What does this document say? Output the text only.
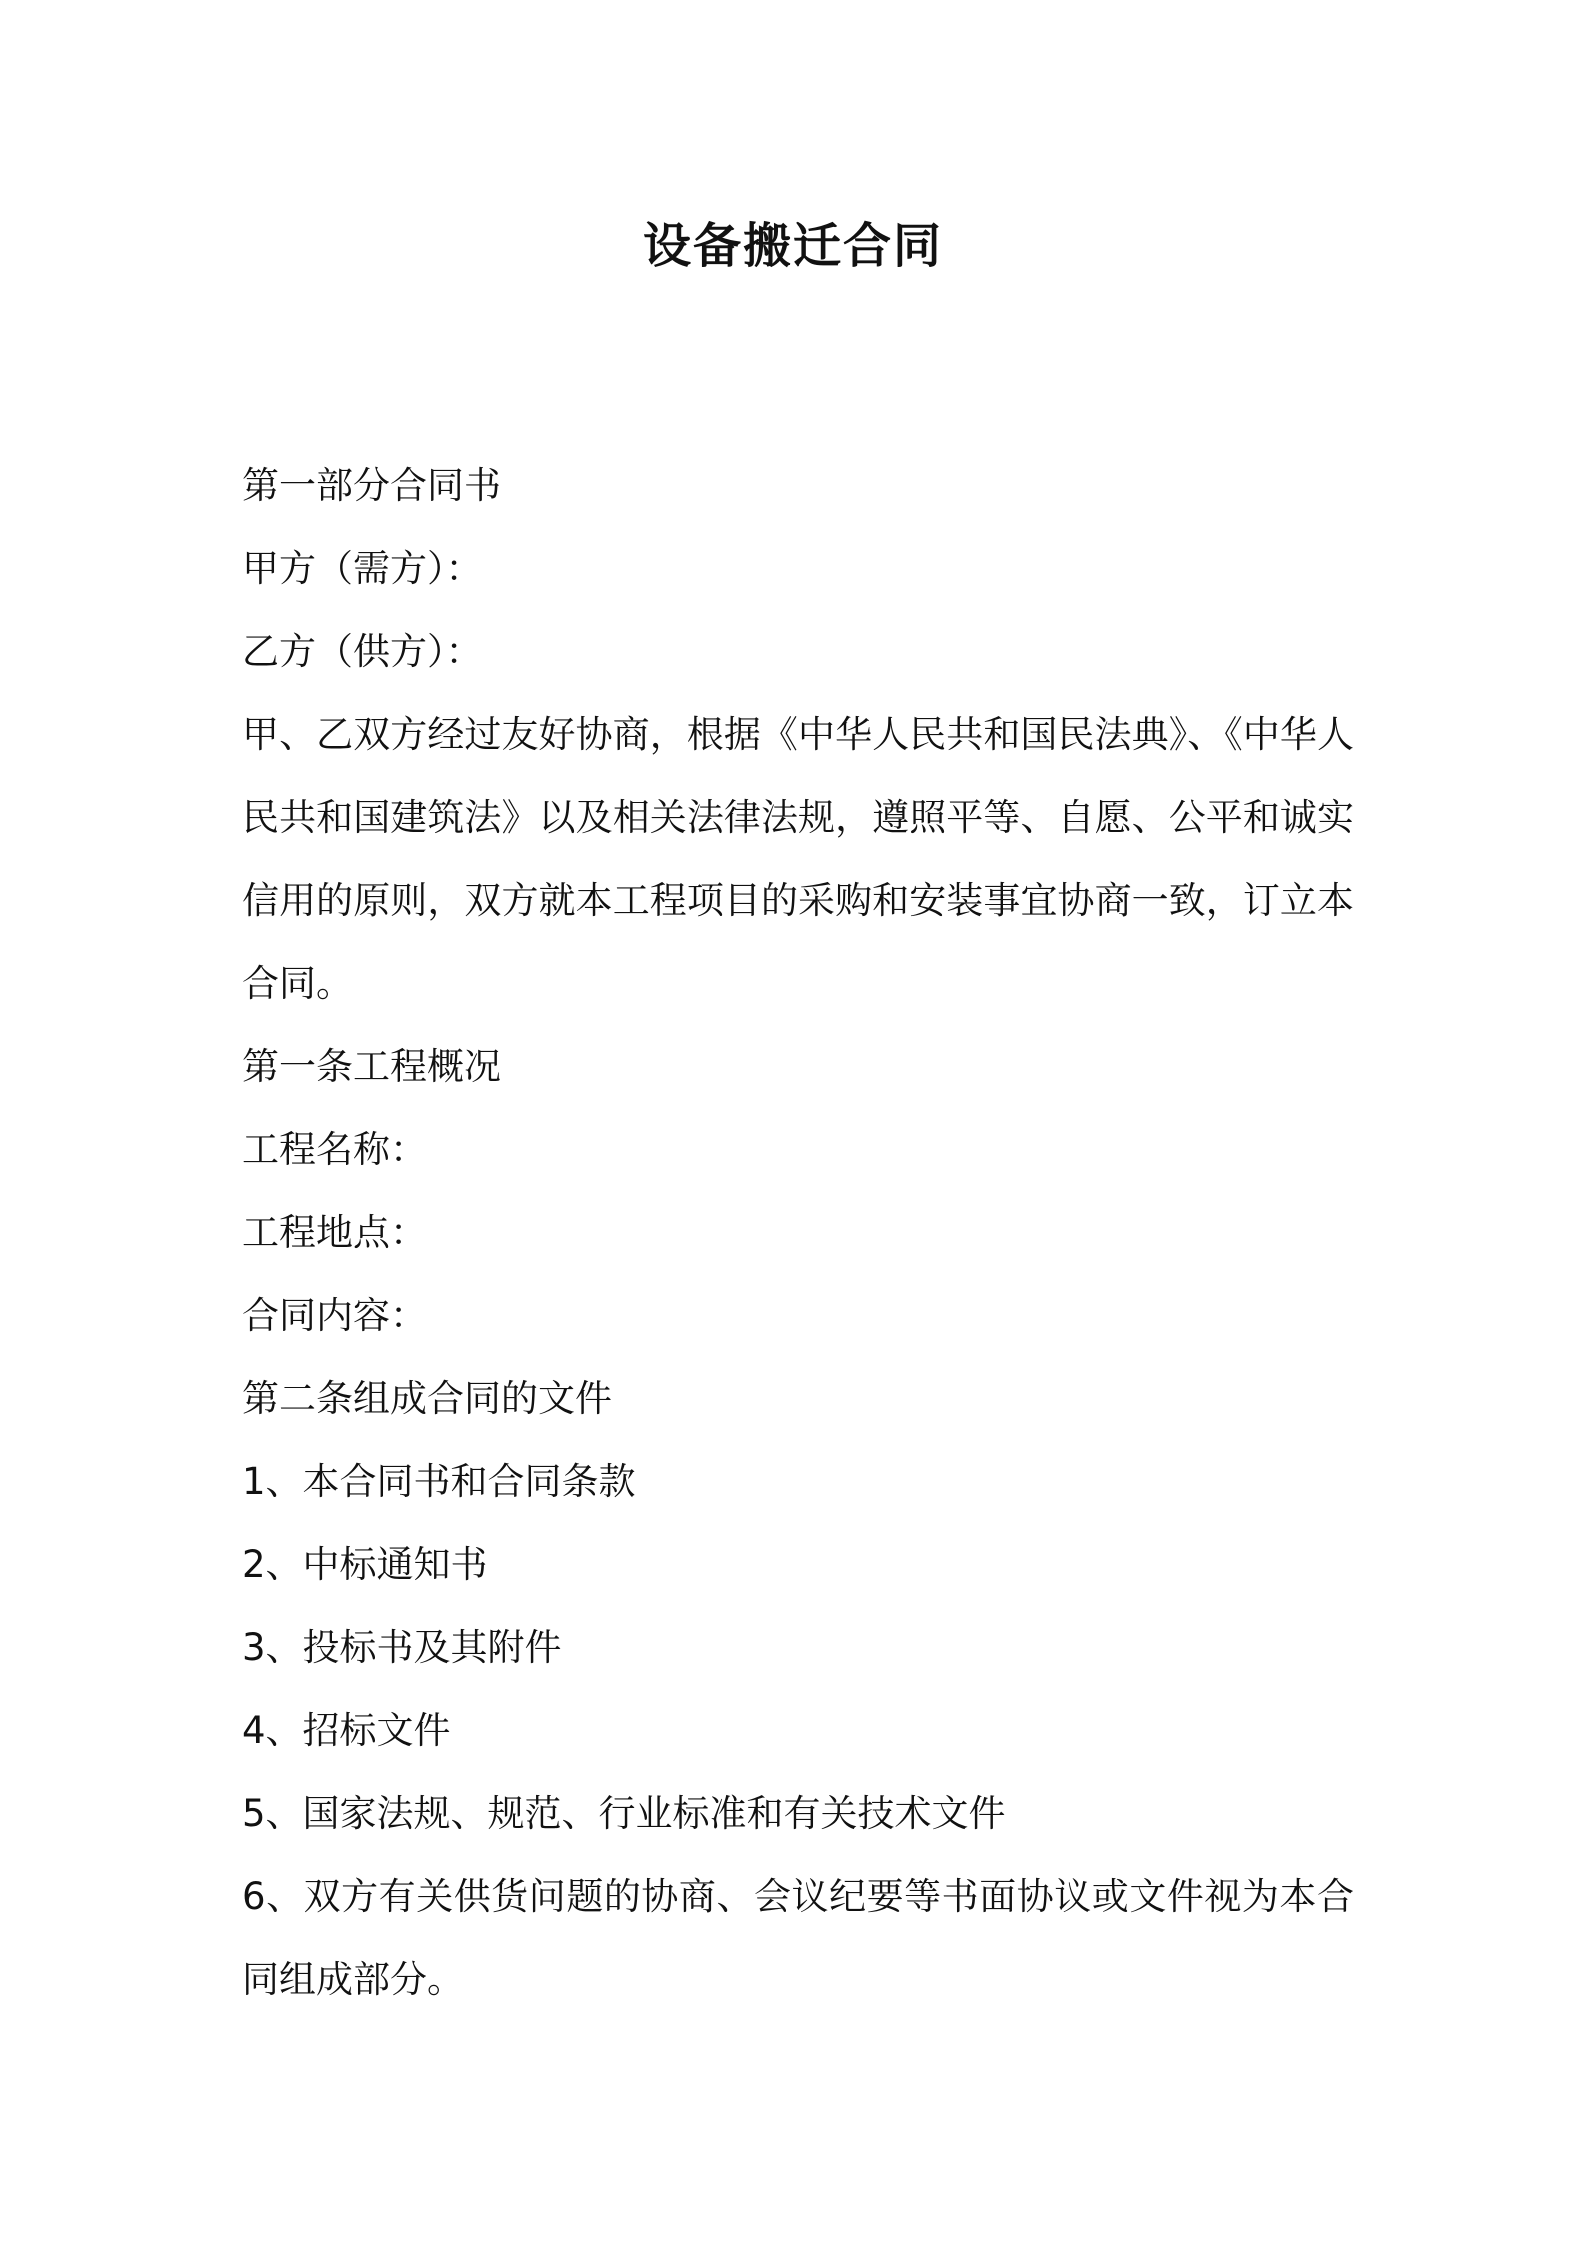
设备搬迁合同

第一部分合同书

甲方（需方）：

乙方（供方）：

甲、乙双方经过友好协商，根据《中华人民共和国民法典》、《中华人民共和国建筑法》以及相关法律法规，遵照平等、自愿、公平和诚实信用的原则，双方就本工程项目的采购和安装事宜协商一致，订立本合同。

第一条工程概况

工程名称：

工程地点：

合同内容：

第二条组成合同的文件

1、本合同书和合同条款

2、中标通知书

3、投标书及其附件

4、招标文件

5、国家法规、规范、行业标准和有关技术文件

6、双方有关供货问题的协商、会议纪要等书面协议或文件视为本合同组成部分。
